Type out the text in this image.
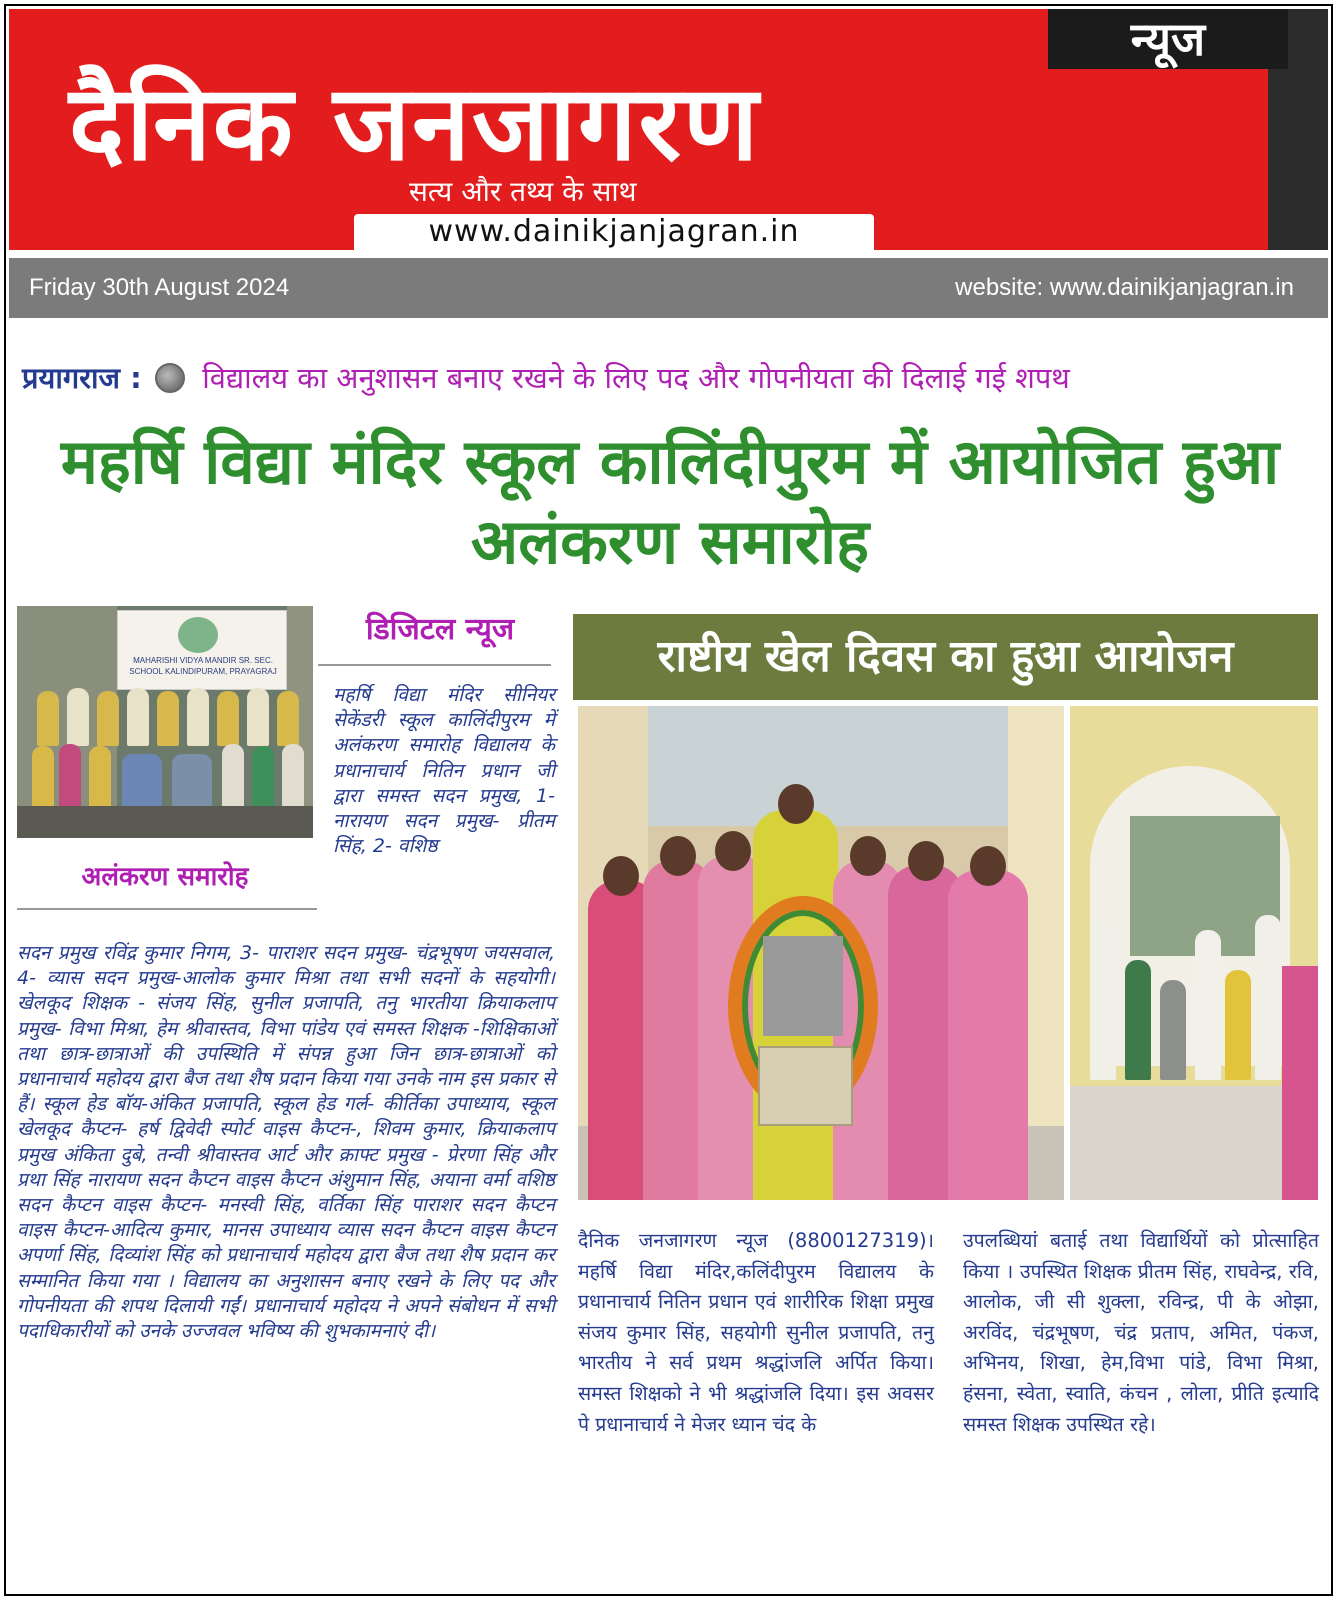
न्यूज
दैनिक जनजागरण
सत्य और तथ्य के साथ
www.dainikjanjagran.in
Friday 30th August 2024	website: www.dainikjanjagran.in
प्रयागराज : विद्यालय का अनुशासन बनाए रखने के लिए पद और गोपनीयता की दिलाई गई शपथ
महर्षि विद्या मंदिर स्कूल कालिंदीपुरम में आयोजित हुआ
अलंकरण समारोह
MAHARISHI VIDYA MANDIR SR. SEC. SCHOOL KALINDIPURAM, PRAYAGRAJ
डिजिटल न्यूज
अलंकरण समारोह
महर्षि विद्या मंदिर सीनियर सेकेंडरी स्कूल कालिंदीपुरम में अलंकरण समारोह विद्यालय के प्रधानाचार्य नितिन प्रधान जी द्वारा समस्त सदन प्रमुख, 1- नारायण सदन प्रमुख- प्रीतम सिंह, 2- वशिष्ठ
सदन प्रमुख रविंद्र कुमार निगम, 3- पाराशर सदन प्रमुख- चंद्रभूषण जयसवाल, 4- व्यास सदन प्रमुख-आलोक कुमार मिश्रा तथा सभी सदनों के सहयोगी। खेलकूद शिक्षक - संजय सिंह, सुनील प्रजापति, तनु भारतीया क्रियाकलाप प्रमुख- विभा मिश्रा, हेम श्रीवास्तव, विभा पांडेय एवं समस्त शिक्षक -शिक्षिकाओं तथा छात्र-छात्राओं की उपस्थिति में संपन्न हुआ जिन छात्र-छात्राओं को प्रधानाचार्य महोदय द्वारा बैज तथा शैष प्रदान किया गया उनके नाम इस प्रकार से हैं। स्कूल हेड बॉय-अंकित प्रजापति, स्कूल हेड गर्ल- कीर्तिका उपाध्याय, स्कूल खेलकूद कैप्टन- हर्ष द्विवेदी स्पोर्ट वाइस कैप्टन-, शिवम कुमार, क्रियाकलाप प्रमुख अंकिता दुबे, तन्वी श्रीवास्तव आर्ट और क्राफ्ट प्रमुख - प्रेरणा सिंह और प्रथा सिंह नारायण सदन कैप्टन वाइस कैप्टन अंशुमान सिंह, अयाना वर्मा वशिष्ठ सदन कैप्टन वाइस कैप्टन- मनस्वी सिंह, वर्तिका सिंह पाराशर सदन कैप्टन वाइस कैप्टन-आदित्य कुमार, मानस उपाध्याय व्यास सदन कैप्टन वाइस कैप्टन अपर्णा सिंह, दिव्यांश सिंह को प्रधानाचार्य महोदय द्वारा बैज तथा शैष प्रदान कर सम्मानित किया गया । विद्यालय का अनुशासन बनाए रखने के लिए पद और गोपनीयता की शपथ दिलायी गईं। प्रधानाचार्य महोदय ने अपने संबोधन में सभी पदाधिकारीयों को उनके उज्जवल भविष्य की शुभकामनाएं दी।
राष्टीय खेल दिवस का हुआ आयोजन
दैनिक जनजागरण न्यूज (8800127319)। महर्षि विद्या मंदिर,कलिंदीपुरम विद्यालय के प्रधानाचार्य नितिन प्रधान एवं शारीरिक शिक्षा प्रमुख संजय कुमार सिंह, सहयोगी सुनील प्रजापति, तनु भारतीय ने सर्व प्रथम श्रद्धांजलि अर्पित किया।समस्त शिक्षको ने भी श्रद्धांजलि दिया। इस अवसर पे प्रधानाचार्य ने मेजर ध्यान चंद के
उपलब्धियां बताई तथा विद्यार्थियों को प्रोत्साहित किया । उपस्थित शिक्षक प्रीतम सिंह, राघवेन्द्र, रवि, आलोक, जी सी शुक्ला, रविन्द्र, पी के ओझा, अरविंद, चंद्रभूषण, चंद्र प्रताप, अमित, पंकज, अभिनय, शिखा, हेम,विभा पांडे, विभा मिश्रा, हंसना, स्वेता, स्वाति, कंचन , लोला, प्रीति इत्यादि समस्त शिक्षक उपस्थित रहे।
